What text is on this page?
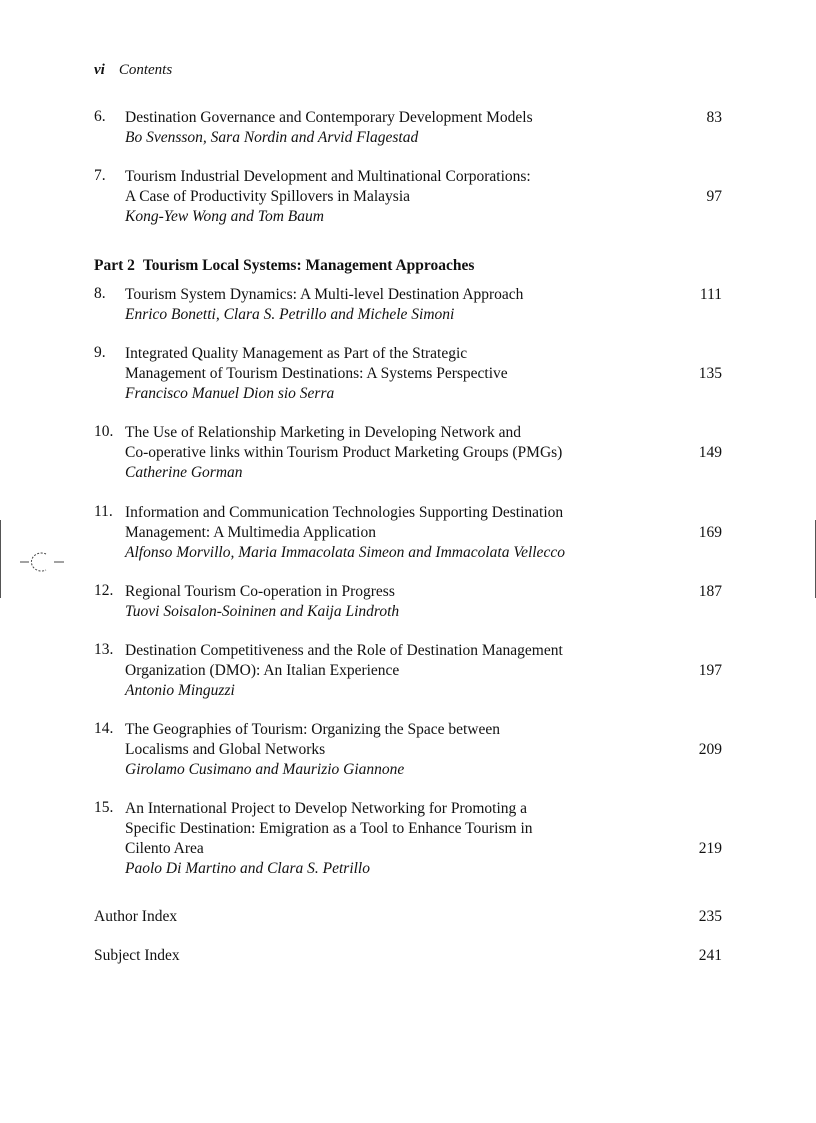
vi Contents
6. Destination Governance and Contemporary Development Models	83
Bo Svensson, Sara Nordin and Arvid Flagestad
7. Tourism Industrial Development and Multinational Corporations:
A Case of Productivity Spillovers in Malaysia	97
Kong-Yew Wong and Tom Baum
Part 2 Tourism Local Systems: Management Approaches
8. Tourism System Dynamics: A Multi-level Destination Approach	111
Enrico Bonetti, Clara S. Petrillo and Michele Simoni
9. Integrated Quality Management as Part of the Strategic
Management of Tourism Destinations: A Systems Perspective	135
Francisco Manuel Dion sio Serra
10. The Use of Relationship Marketing in Developing Network and
Co-operative links within Tourism Product Marketing Groups (PMGs)	149
Catherine Gorman
11. Information and Communication Technologies Supporting Destination
Management: A Multimedia Application	169
Alfonso Morvillo, Maria Immacolata Simeon and Immacolata Vellecco
12. Regional Tourism Co-operation in Progress	187
Tuovi Soisalon-Soininen and Kaija Lindroth
13. Destination Competitiveness and the Role of Destination Management
Organization (DMO): An Italian Experience	197
Antonio Minguzzi
14. The Geographies of Tourism: Organizing the Space between
Localisms and Global Networks	209
Girolamo Cusimano and Maurizio Giannone
15. An International Project to Develop Networking for Promoting a
Specific Destination: Emigration as a Tool to Enhance Tourism in
Cilento Area	219
Paolo Di Martino and Clara S. Petrillo
Author Index	235
Subject Index	241
